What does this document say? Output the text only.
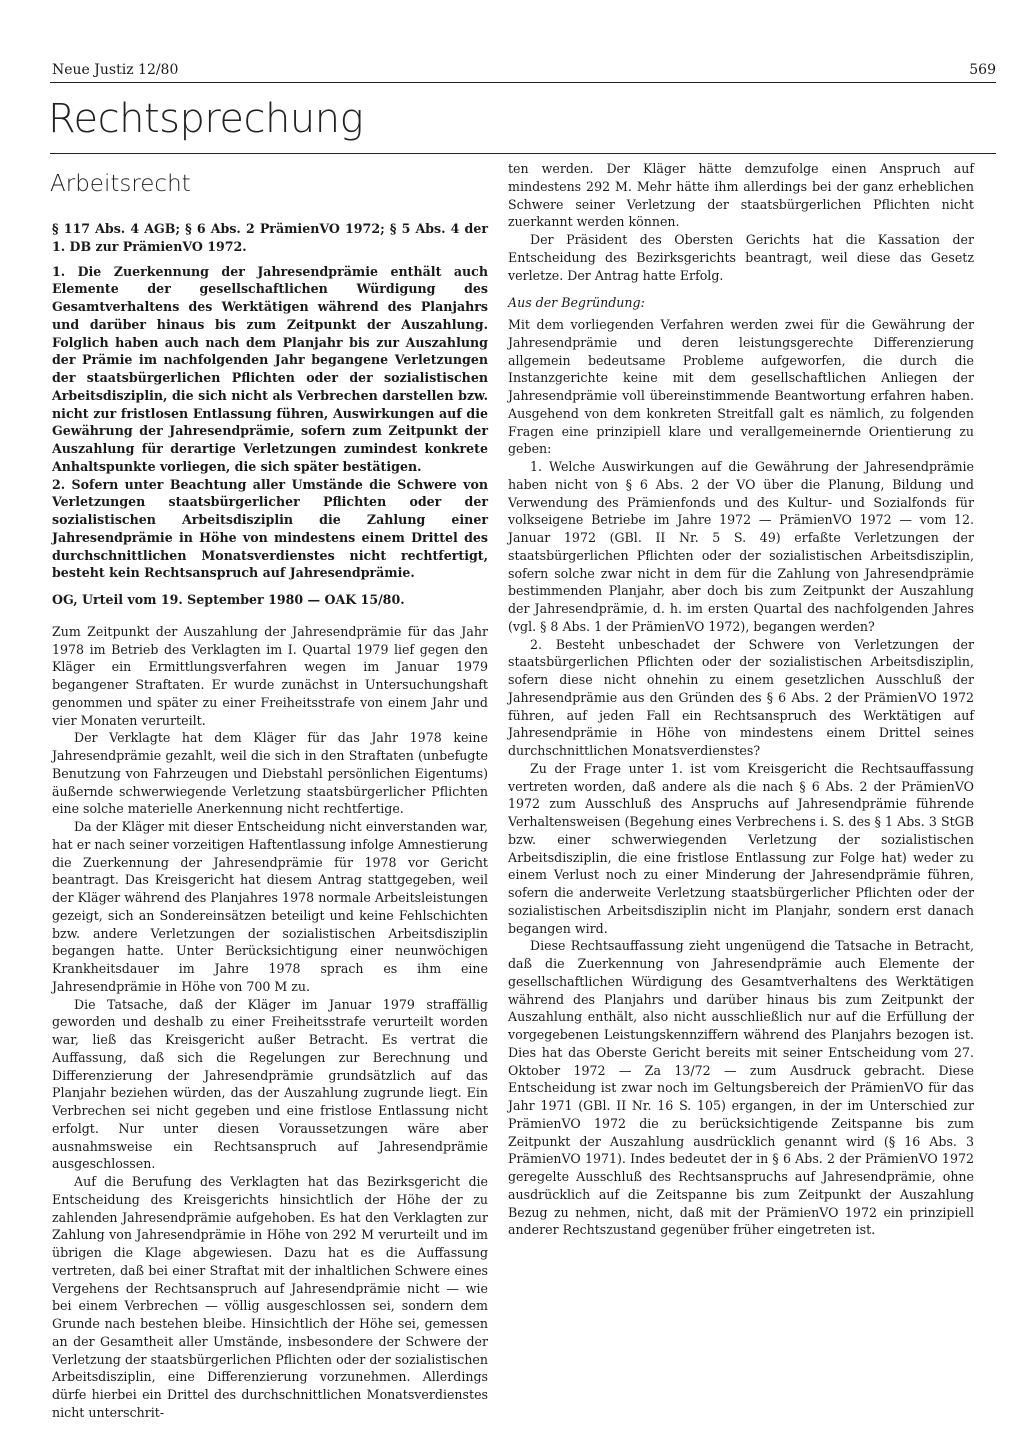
Neue Justiz 12/80	569
Rechtsprechung
Arbeitsrecht

§ 117 Abs. 4 AGB; § 6 Abs. 2 PrämienVO 1972; § 5 Abs. 4 der 1. DB zur PrämienVO 1972.

1. Die Zuerkennung der Jahresendprämie enthält auch Elemente der gesellschaftlichen Würdigung des Gesamtverhaltens des Werktätigen während des Planjahrs und darüber hinaus bis zum Zeitpunkt der Auszahlung. Folglich haben auch nach dem Planjahr bis zur Auszahlung der Prämie im nachfolgenden Jahr begangene Verletzungen der staatsbürgerlichen Pflichten oder der sozialistischen Arbeitsdisziplin, die sich nicht als Verbrechen darstellen bzw. nicht zur fristlosen Entlassung führen, Auswirkungen auf die Gewährung der Jahresendprämie, sofern zum Zeitpunkt der Auszahlung für derartige Verletzungen zumindest konkrete Anhaltspunkte vorliegen, die sich später bestätigen.

2. Sofern unter Beachtung aller Umstände die Schwere von Verletzungen staatsbürgerlicher Pflichten oder der sozialistischen Arbeitsdisziplin die Zahlung einer Jahresendprämie in Höhe von mindestens einem Drittel des durchschnittlichen Monatsverdienstes nicht rechtfertigt, besteht kein Rechtsanspruch auf Jahresendprämie.

OG, Urteil vom 19. September 1980 — OAK 15/80.

Zum Zeitpunkt der Auszahlung der Jahresendprämie für das Jahr 1978 im Betrieb des Verklagten im I. Quartal 1979 lief gegen den Kläger ein Ermittlungsverfahren wegen im Januar 1979 begangener Straftaten. Er wurde zunächst in Untersuchungshaft genommen und später zu einer Freiheitsstrafe von einem Jahr und vier Monaten verurteilt.

Der Verklagte hat dem Kläger für das Jahr 1978 keine Jahresendprämie gezahlt, weil die sich in den Straftaten (unbefugte Benutzung von Fahrzeugen und Diebstahl persönlichen Eigentums) äußernde schwerwiegende Verletzung staatsbürgerlicher Pflichten eine solche materielle Anerkennung nicht rechtfertige.

Da der Kläger mit dieser Entscheidung nicht einverstanden war, hat er nach seiner vorzeitigen Haftentlassung infolge Amnestierung die Zuerkennung der Jahresendprämie für 1978 vor Gericht beantragt. Das Kreisgericht hat diesem Antrag stattgegeben, weil der Kläger während des Planjahres 1978 normale Arbeitsleistungen gezeigt, sich an Sondereinsätzen beteiligt und keine Fehlschichten bzw. andere Verletzungen der sozialistischen Arbeitsdisziplin begangen hatte. Unter Berücksichtigung einer neunwöchigen Krankheitsdauer im Jahre 1978 sprach es ihm eine Jahresendprämie in Höhe von 700 M zu.

Die Tatsache, daß der Kläger im Januar 1979 straffällig geworden und deshalb zu einer Freiheitsstrafe verurteilt worden war, ließ das Kreisgericht außer Betracht. Es vertrat die Auffassung, daß sich die Regelungen zur Berechnung und Differenzierung der Jahresendprämie grundsätzlich auf das Planjahr beziehen würden, das der Auszahlung zugrunde liegt. Ein Verbrechen sei nicht gegeben und eine fristlose Entlassung nicht erfolgt. Nur unter diesen Voraussetzungen wäre aber ausnahmsweise ein Rechtsanspruch auf Jahresendprämie ausgeschlossen.

Auf die Berufung des Verklagten hat das Bezirksgericht die Entscheidung des Kreisgerichts hinsichtlich der Höhe der zu zahlenden Jahresendprämie aufgehoben. Es hat den Verklagten zur Zahlung von Jahresendprämie in Höhe von 292 M verurteilt und im übrigen die Klage abgewiesen. Dazu hat es die Auffassung vertreten, daß bei einer Straftat mit der inhaltlichen Schwere eines Vergehens der Rechtsanspruch auf Jahresendprämie nicht — wie bei einem Verbrechen — völlig ausgeschlossen sei, sondern dem Grunde nach bestehen bleibe. Hinsichtlich der Höhe sei, gemessen an der Gesamtheit aller Umstände, insbesondere der Schwere der Verletzung der staatsbürgerlichen Pflichten oder der sozialistischen Arbeitsdisziplin, eine Differenzierung vorzunehmen. Allerdings dürfe hierbei ein Drittel des durchschnittlichen Monatsverdienstes nicht unterschrit-

ten werden. Der Kläger hätte demzufolge einen Anspruch auf mindestens 292 M. Mehr hätte ihm allerdings bei der ganz erheblichen Schwere seiner Verletzung der staatsbürgerlichen Pflichten nicht zuerkannt werden können.

Der Präsident des Obersten Gerichts hat die Kassation der Entscheidung des Bezirksgerichts beantragt, weil diese das Gesetz verletze. Der Antrag hatte Erfolg.

Aus der Begründung:

Mit dem vorliegenden Verfahren werden zwei für die Gewährung der Jahresendprämie und deren leistungsgerechte Differenzierung allgemein bedeutsame Probleme aufgeworfen, die durch die Instanzgerichte keine mit dem gesellschaftlichen Anliegen der Jahresendprämie voll übereinstimmende Beantwortung erfahren haben. Ausgehend von dem konkreten Streitfall galt es nämlich, zu folgenden Fragen eine prinzipiell klare und verallgemeinernde Orientierung zu geben:

1. Welche Auswirkungen auf die Gewährung der Jahresendprämie haben nicht von § 6 Abs. 2 der VO über die Planung, Bildung und Verwendung des Prämienfonds und des Kultur- und Sozialfonds für volkseigene Betriebe im Jahre 1972 — PrämienVO 1972 — vom 12. Januar 1972 (GBl. II Nr. 5 S. 49) erfaßte Verletzungen der staatsbürgerlichen Pflichten oder der sozialistischen Arbeitsdisziplin, sofern solche zwar nicht in dem für die Zahlung von Jahresendprämie bestimmenden Planjahr, aber doch bis zum Zeitpunkt der Auszahlung der Jahresendprämie, d. h. im ersten Quartal des nachfolgenden Jahres (vgl. § 8 Abs. 1 der PrämienVO 1972), begangen werden?

2. Besteht unbeschadet der Schwere von Verletzungen der staatsbürgerlichen Pflichten oder der sozialistischen Arbeitsdisziplin, sofern diese nicht ohnehin zu einem gesetzlichen Ausschluß der Jahresendprämie aus den Gründen des § 6 Abs. 2 der PrämienVO 1972 führen, auf jeden Fall ein Rechtsanspruch des Werktätigen auf Jahresendprämie in Höhe von mindestens einem Drittel seines durchschnittlichen Monatsverdienstes?

Zu der Frage unter 1. ist vom Kreisgericht die Rechtsauffassung vertreten worden, daß andere als die nach § 6 Abs. 2 der PrämienVO 1972 zum Ausschluß des Anspruchs auf Jahresendprämie führende Verhaltensweisen (Begehung eines Verbrechens i. S. des § 1 Abs. 3 StGB bzw. einer schwerwiegenden Verletzung der sozialistischen Arbeitsdisziplin, die eine fristlose Entlassung zur Folge hat) weder zu einem Verlust noch zu einer Minderung der Jahresendprämie führen, sofern die anderweite Verletzung staatsbürgerlicher Pflichten oder der sozialistischen Arbeitsdisziplin nicht im Planjahr, sondern erst danach begangen wird.

Diese Rechtsauffassung zieht ungenügend die Tatsache in Betracht, daß die Zuerkennung von Jahresendprämie auch Elemente der gesellschaftlichen Würdigung des Gesamtverhaltens des Werktätigen während des Planjahrs und darüber hinaus bis zum Zeitpunkt der Auszahlung enthält, also nicht ausschließlich nur auf die Erfüllung der vorgegebenen Leistungskennziffern während des Planjahrs bezogen ist. Dies hat das Oberste Gericht bereits mit seiner Entscheidung vom 27. Oktober 1972 — Za 13/72 — zum Ausdruck gebracht. Diese Entscheidung ist zwar noch im Geltungsbereich der PrämienVO für das Jahr 1971 (GBl. II Nr. 16 S. 105) ergangen, in der im Unterschied zur PrämienVO 1972 die zu berücksichtigende Zeitspanne bis zum Zeitpunkt der Auszahlung ausdrücklich genannt wird (§ 16 Abs. 3 PrämienVO 1971). Indes bedeutet der in § 6 Abs. 2 der PrämienVO 1972 geregelte Ausschluß des Rechtsanspruchs auf Jahresendprämie, ohne ausdrücklich auf die Zeitspanne bis zum Zeitpunkt der Auszahlung Bezug zu nehmen, nicht, daß mit der PrämienVO 1972 ein prinzipiell anderer Rechtszustand gegenüber früher eingetreten ist.
